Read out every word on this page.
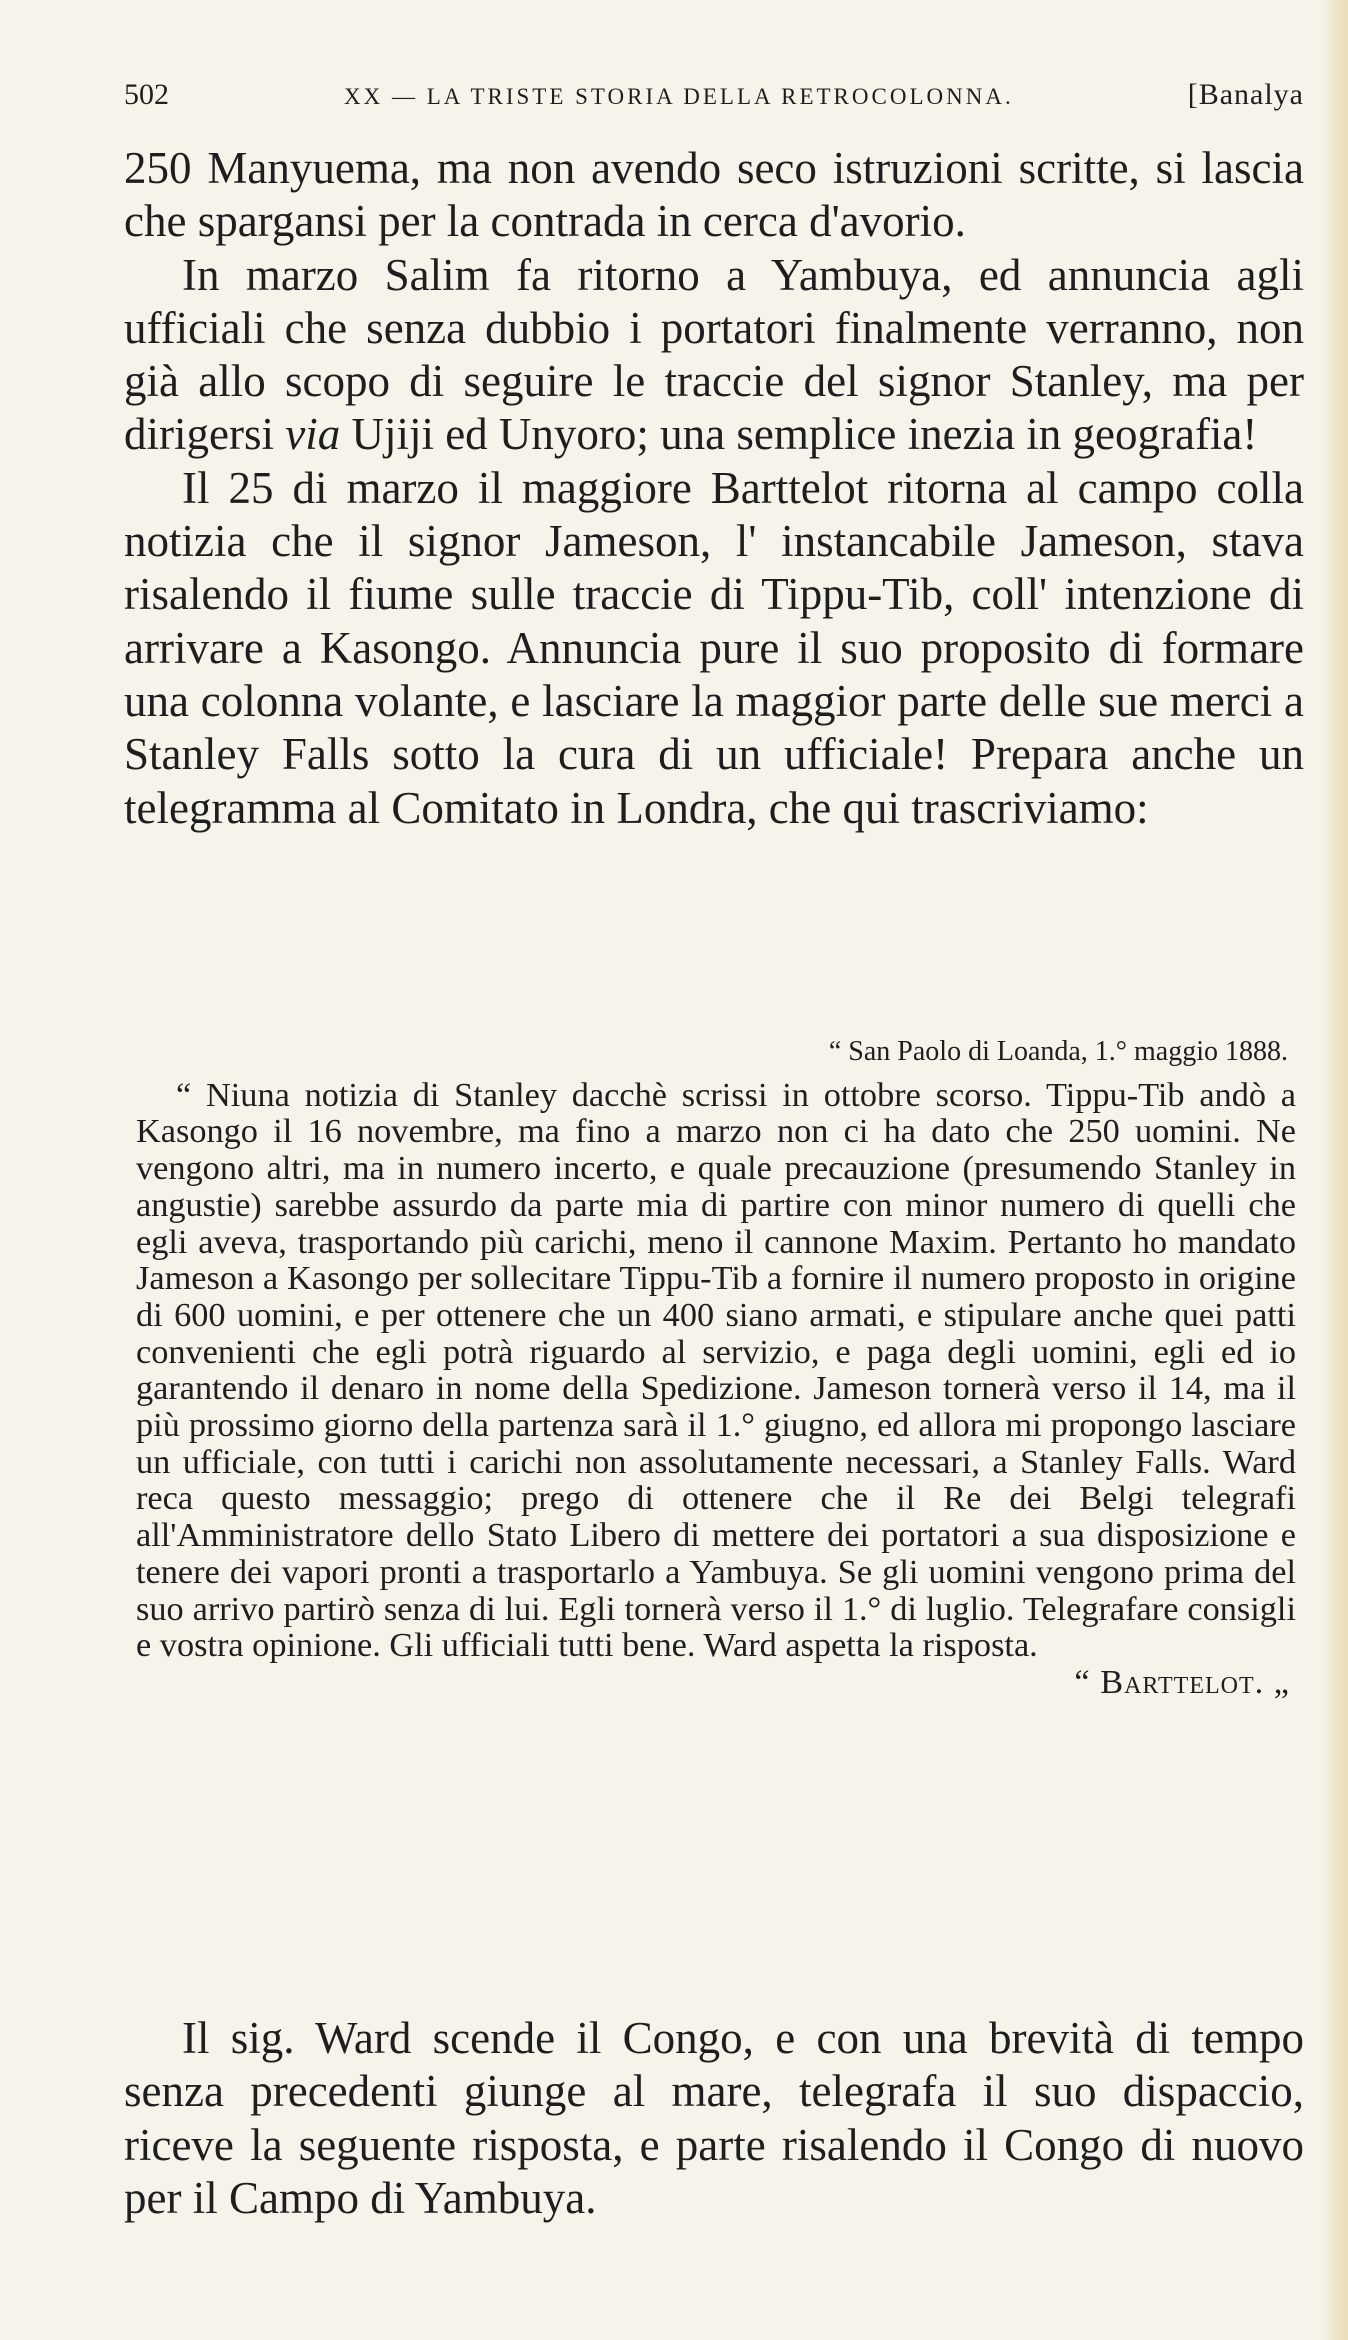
502	XX — LA TRISTE STORIA DELLA RETROCOLONNA.	[Banalya

250 Manyuema, ma non avendo seco istruzioni scritte, si lascia che spargansi per la contrada in cerca d'avorio.

In marzo Salim fa ritorno a Yambuya, ed annuncia agli ufficiali che senza dubbio i portatori finalmente verranno, non già allo scopo di seguire le traccie del signor Stanley, ma per dirigersi via Ujiji ed Unyoro; una semplice inezia in geografia!

Il 25 di marzo il maggiore Barttelot ritorna al campo colla notizia che il signor Jameson, l' instancabile Jameson, stava risalendo il fiume sulle traccie di Tippu-Tib, coll' intenzione di arrivare a Kasongo. Annuncia pure il suo proposito di formare una colonna volante, e lasciare la maggior parte delle sue merci a Stanley Falls sotto la cura di un ufficiale! Prepara anche un telegramma al Comitato in Londra, che qui trascriviamo:

“ San Paolo di Loanda, 1.° maggio 1888.

“ Niuna notizia di Stanley dacchè scrissi in ottobre scorso. Tippu-Tib andò a Kasongo il 16 novembre, ma fino a marzo non ci ha dato che 250 uomini. Ne vengono altri, ma in numero incerto, e quale precauzione (presumendo Stanley in angustie) sarebbe assurdo da parte mia di partire con minor numero di quelli che egli aveva, trasportando più carichi, meno il cannone Maxim. Pertanto ho mandato Jameson a Kasongo per sollecitare Tippu-Tib a fornire il numero proposto in origine di 600 uomini, e per ottenere che un 400 siano armati, e stipulare anche quei patti convenienti che egli potrà riguardo al servizio, e paga degli uomini, egli ed io garantendo il denaro in nome della Spedizione. Jameson tornerà verso il 14, ma il più prossimo giorno della partenza sarà il 1.° giugno, ed allora mi propongo lasciare un ufficiale, con tutti i carichi non assolutamente necessari, a Stanley Falls. Ward reca questo messaggio; prego di ottenere che il Re dei Belgi telegrafi all'Amministratore dello Stato Libero di mettere dei portatori a sua disposizione e tenere dei vapori pronti a trasportarlo a Yambuya. Se gli uomini vengono prima del suo arrivo partirò senza di lui. Egli tornerà verso il 1.° di luglio. Telegrafare consigli e vostra opinione. Gli ufficiali tutti bene. Ward aspetta la risposta.
“ Barttelot. „

Il sig. Ward scende il Congo, e con una brevità di tempo senza precedenti giunge al mare, telegrafa il suo dispaccio, riceve la seguente risposta, e parte risalendo il Congo di nuovo per il Campo di Yambuya.
